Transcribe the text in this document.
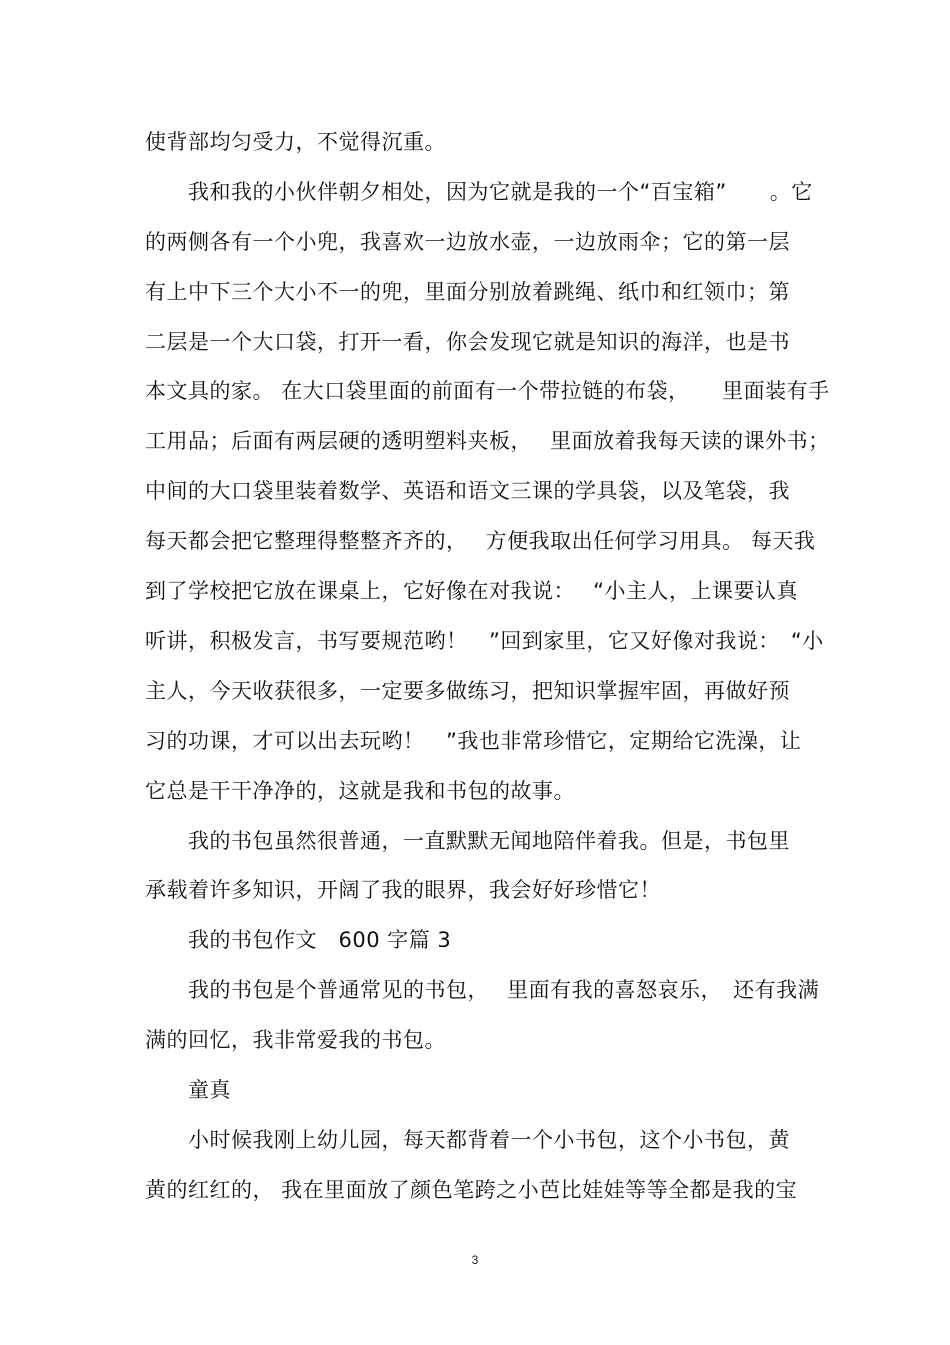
使背部均匀受力，不觉得沉重。
我和我的小伙伴朝夕相处，因为它就是我的一个“百宝箱”　　。它
的两侧各有一个小兜，我喜欢一边放水壶，一边放雨伞；它的第一层
有上中下三个大小不一的兜，里面分别放着跳绳、纸巾和红领巾；第
二层是一个大口袋，打开一看，你会发现它就是知识的海洋，也是书
本文具的家。 在大口袋里面的前面有一个带拉链的布袋，　　里面装有手
工用品；后面有两层硬的透明塑料夹板，　 里面放着我每天读的课外书；
中间的大口袋里装着数学、英语和语文三课的学具袋，以及笔袋，我
每天都会把它整理得整整齐齐的，　 方便我取出任何学习用具。 每天我
到了学校把它放在课桌上，它好像在对我说：　 “小主人，上课要认真
听讲，积极发言，书写要规范哟！　”回到家里，它又好像对我说：　“小
主人，今天收获很多，一定要多做练习，把知识掌握牢固，再做好预
习的功课，才可以出去玩哟！　”我也非常珍惜它，定期给它洗澡，让
它总是干干净净的，这就是我和书包的故事。
我的书包虽然很普通，一直默默无闻地陪伴着我。但是，书包里
承载着许多知识，开阔了我的眼界，我会好好珍惜它！
我的书包作文　600 字篇 3
我的书包是个普通常见的书包，　 里面有我的喜怒哀乐，　还有我满
满的回忆，我非常爱我的书包。
童真
小时候我刚上幼儿园，每天都背着一个小书包，这个小书包，黄
黄的红红的， 我在里面放了颜色笔跨之小芭比娃娃等等全都是我的宝
3
